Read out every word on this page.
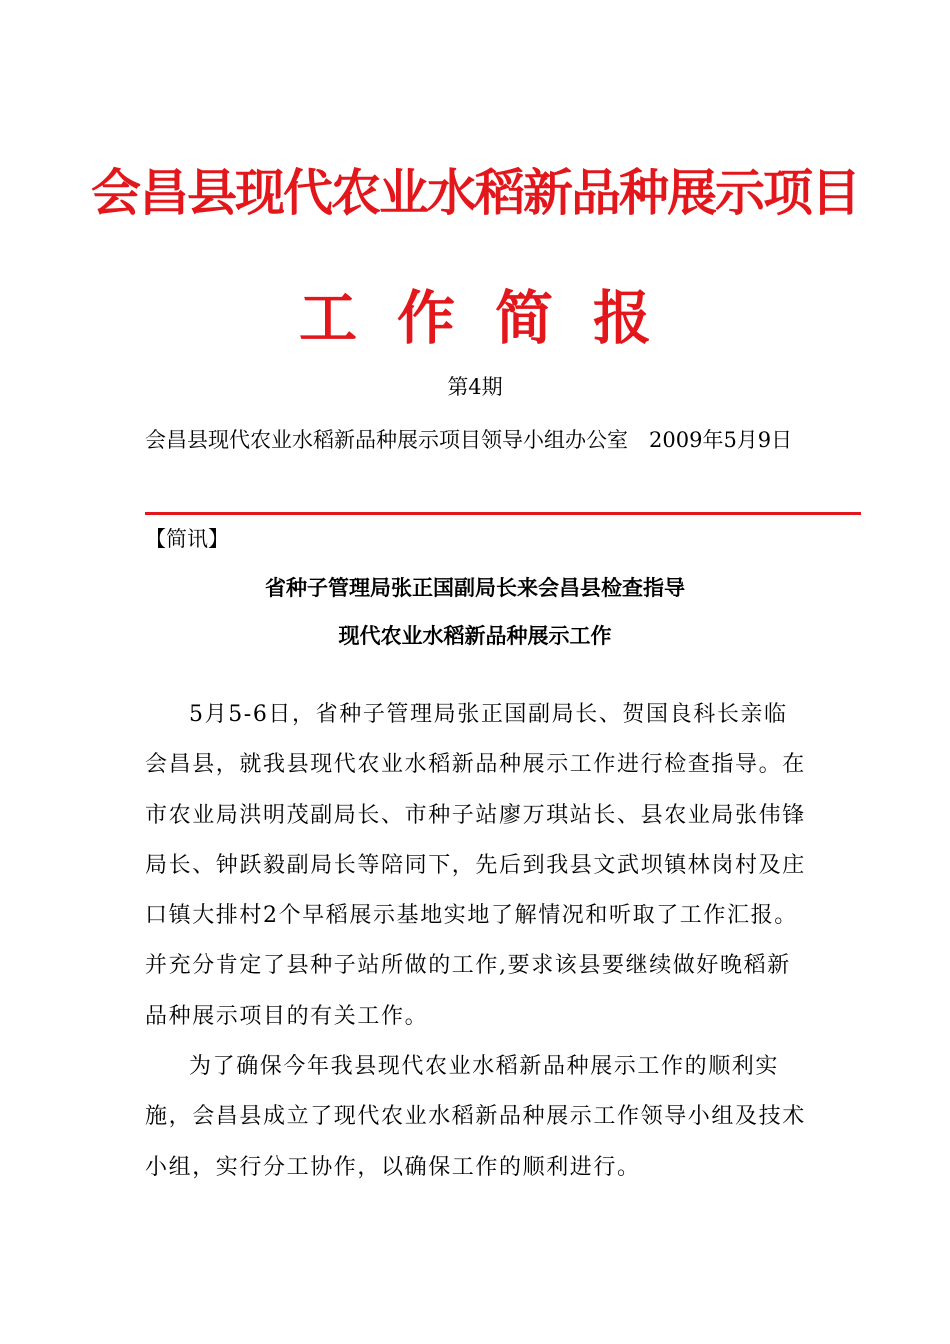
会昌县现代农业水稻新品种展示项目
工作简报
第4期
会昌县现代农业水稻新品种展示项目领导小组办公室　2009年5月9日
【简讯】
省种子管理局张正国副局长来会昌县检查指导
现代农业水稻新品种展示工作

5月5-6日，省种子管理局张正国副局长、贺国良科长亲临会昌县，就我县现代农业水稻新品种展示工作进行检查指导。在市农业局洪明茂副局长、市种子站廖万琪站长、县农业局张伟锋局长、钟跃毅副局长等陪同下，先后到我县文武坝镇林岗村及庄口镇大排村2个早稻展示基地实地了解情况和听取了工作汇报。并充分肯定了县种子站所做的工作,要求该县要继续做好晚稻新品种展示项目的有关工作。

为了确保今年我县现代农业水稻新品种展示工作的顺利实施，会昌县成立了现代农业水稻新品种展示工作领导小组及技术小组，实行分工协作，以确保工作的顺利进行。
